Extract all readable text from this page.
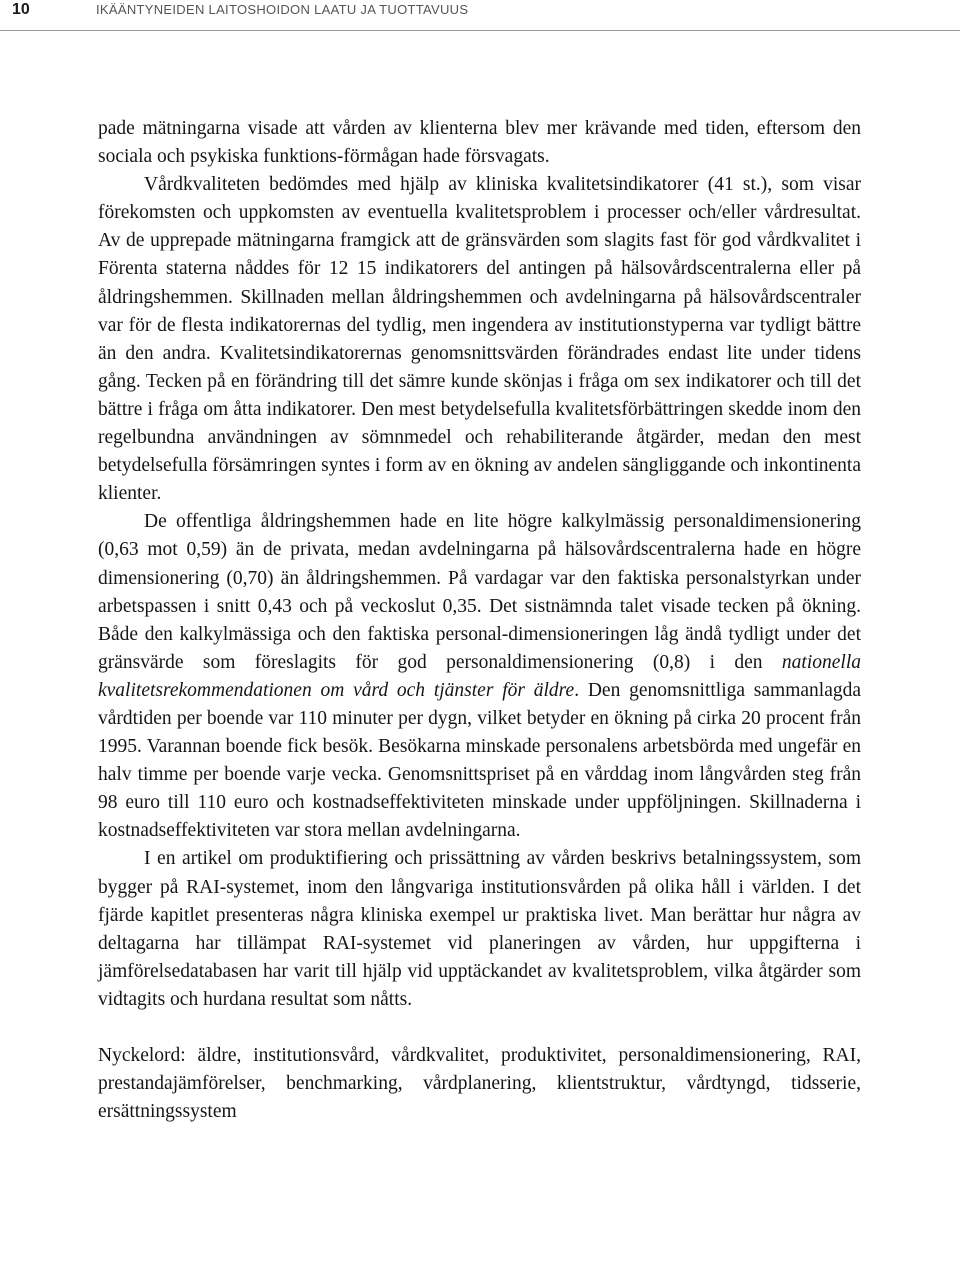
10	IKÄÄNTYNEIDEN LAITOSHOIDON LAATU JA TUOTTAVUUS

pade mätningarna visade att vården av klienterna blev mer krävande med tiden, eftersom den sociala och psykiska funktions-förmågan hade försvagats.

Vårdkvaliteten bedömdes med hjälp av kliniska kvalitetsindikatorer (41 st.), som visar förekomsten och uppkomsten av eventuella kvalitetsproblem i processer och/eller vårdresultat. Av de upprepade mätningarna framgick att de gränsvärden som slagits fast för god vårdkvalitet i Förenta staterna nåddes för 12 15 indikatorers del antingen på hälsovårdscentralerna eller på åldringshemmen. Skillnaden mellan åldringshemmen och avdelningarna på hälsovårdscentraler var för de flesta indikatorernas del tydlig, men ingendera av institutionstyperna var tydligt bättre än den andra. Kvalitetsindikatorernas genomsnittsvärden förändrades endast lite under tidens gång. Tecken på en förändring till det sämre kunde skönjas i fråga om sex indikatorer och till det bättre i fråga om åtta indikatorer. Den mest betydelsefulla kvalitetsförbättringen skedde inom den regelbundna användningen av sömnmedel och rehabiliterande åtgärder, medan den mest betydelsefulla försämringen syntes i form av en ökning av andelen sängliggande och inkontinenta klienter.

De offentliga åldringshemmen hade en lite högre kalkylmässig personaldimensionering (0,63 mot 0,59) än de privata, medan avdelningarna på hälsovårdscentralerna hade en högre dimensionering (0,70) än åldringshemmen. På vardagar var den faktiska personalstyrkan under arbetspassen i snitt 0,43 och på veckoslut 0,35. Det sistnämnda talet visade tecken på ökning. Både den kalkylmässiga och den faktiska personal-dimensioneringen låg ändå tydligt under det gränsvärde som föreslagits för god personaldimensionering (0,8) i den nationella kvalitetsrekommendationen om vård och tjänster för äldre. Den genomsnittliga sammanlagda vårdtiden per boende var 110 minuter per dygn, vilket betyder en ökning på cirka 20 procent från 1995. Varannan boende fick besök. Besökarna minskade personalens arbetsbörda med ungefär en halv timme per boende varje vecka. Genomsnittspriset på en vårddag inom långvården steg från 98 euro till 110 euro och kostnadseffektiviteten minskade under uppföljningen. Skillnaderna i kostnadseffektiviteten var stora mellan avdelningarna.

I en artikel om produktifiering och prissättning av vården beskrivs betalningssystem, som bygger på RAI-systemet, inom den långvariga institutionsvården på olika håll i världen. I det fjärde kapitlet presenteras några kliniska exempel ur praktiska livet. Man berättar hur några av deltagarna har tillämpat RAI-systemet vid planeringen av vården, hur uppgifterna i jämförelsedatabasen har varit till hjälp vid upptäckandet av kvalitetsproblem, vilka åtgärder som vidtagits och hurdana resultat som nåtts.

Nyckelord: äldre, institutionsvård, vårdkvalitet, produktivitet, personaldimensionering, RAI, prestandajämförelser, benchmarking, vårdplanering, klientstruktur, vårdtyngd, tidsserie, ersättningssystem
